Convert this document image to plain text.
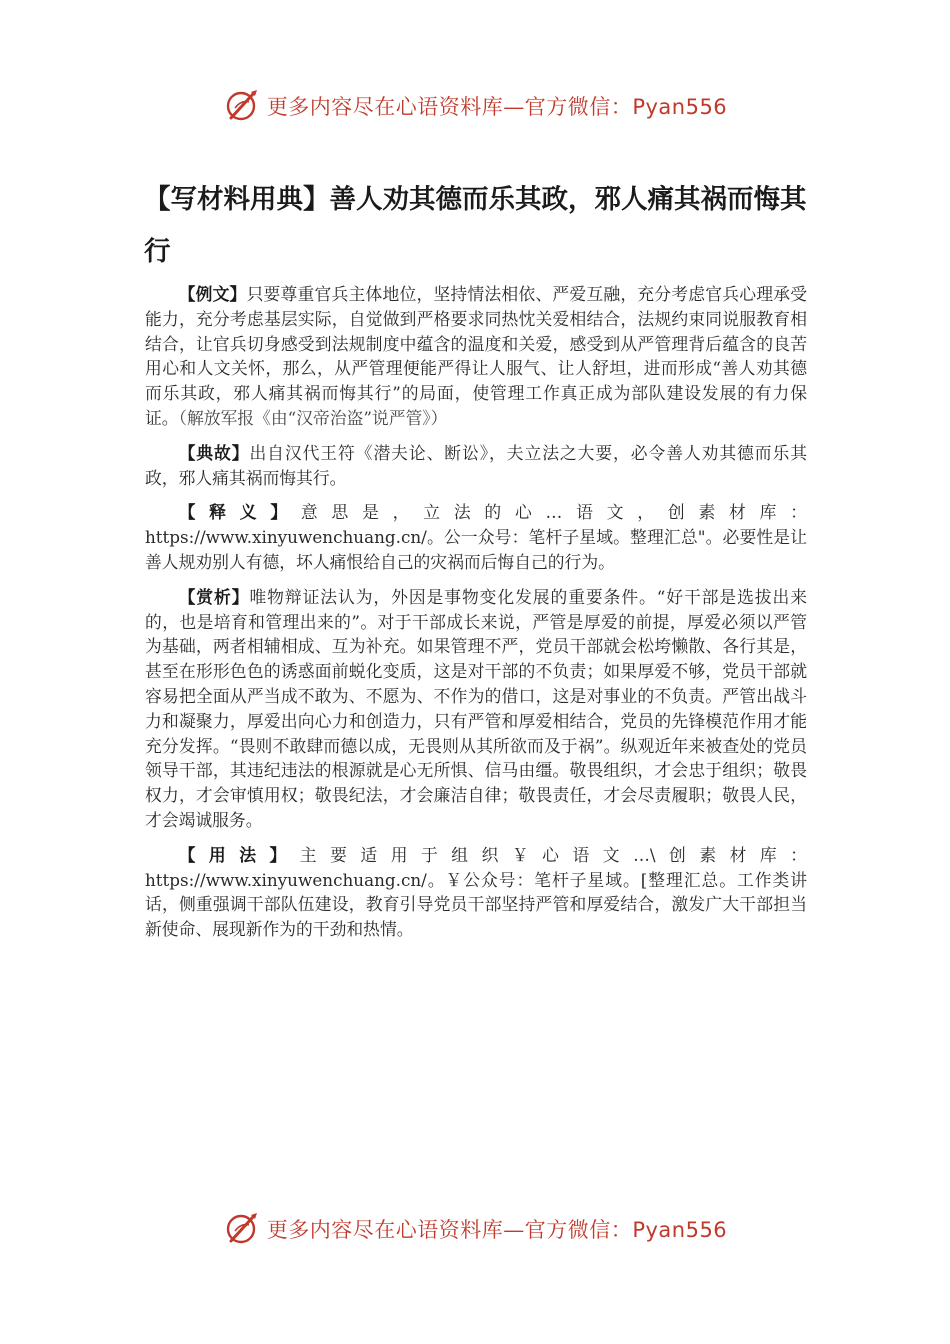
更多内容尽在心语资料库—官方微信：Pyan556
【写材料用典】善人劝其德而乐其政，邪人痛其祸而悔其行

【例文】只要尊重官兵主体地位，坚持情法相依、严爱互融，充分考虑官兵心理承受能力，充分考虑基层实际，自觉做到严格要求同热忱关爱相结合，法规约束同说服教育相结合，让官兵切身感受到法规制度中蕴含的温度和关爱，感受到从严管理背后蕴含的良苦用心和人文关怀，那么，从严管理便能严得让人服气、让人舒坦，进而形成“善人劝其德而乐其政，邪人痛其祸而悔其行”的局面，使管理工作真正成为部队建设发展的有力保证。（解放军报《由“汉帝治盗”说严管》）

【典故】出自汉代王符《潜夫论、断讼》，夫立法之大要，必令善人劝其德而乐其政，邪人痛其祸而悔其行。

【释义】意思是，立法的心…语文，创素材库：https://www.xinyuwenchuang.cn/。公一众号：笔杆子星域。整理汇总"。必要性是让善人规劝别人有德，坏人痛恨给自己的灾祸而后悔自己的行为。

【赏析】唯物辩证法认为，外因是事物变化发展的重要条件。“好干部是选拔出来的，也是培育和管理出来的”。对于干部成长来说，严管是厚爱的前提，厚爱必须以严管为基础，两者相辅相成、互为补充。如果管理不严，党员干部就会松垮懒散、各行其是，甚至在形形色色的诱惑面前蜕化变质，这是对干部的不负责；如果厚爱不够，党员干部就容易把全面从严当成不敢为、不愿为、不作为的借口，这是对事业的不负责。严管出战斗力和凝聚力，厚爱出向心力和创造力，只有严管和厚爱相结合，党员的先锋模范作用才能充分发挥。“畏则不敢肆而德以成，无畏则从其所欲而及于祸”。纵观近年来被查处的党员领导干部，其违纪违法的根源就是心无所惧、信马由缰。敬畏组织，才会忠于组织；敬畏权力，才会审慎用权；敬畏纪法，才会廉洁自律；敬畏责任，才会尽责履职；敬畏人民，才会竭诚服务。

【用法】主要适用于组织￥心语文…\创素材库：https://www.xinyuwenchuang.cn/。￥公众号：笔杆子星域。[整理汇总。工作类讲话，侧重强调干部队伍建设，教育引导党员干部坚持严管和厚爱结合，激发广大干部担当新使命、展现新作为的干劲和热情。

更多内容尽在心语资料库—官方微信：Pyan556
